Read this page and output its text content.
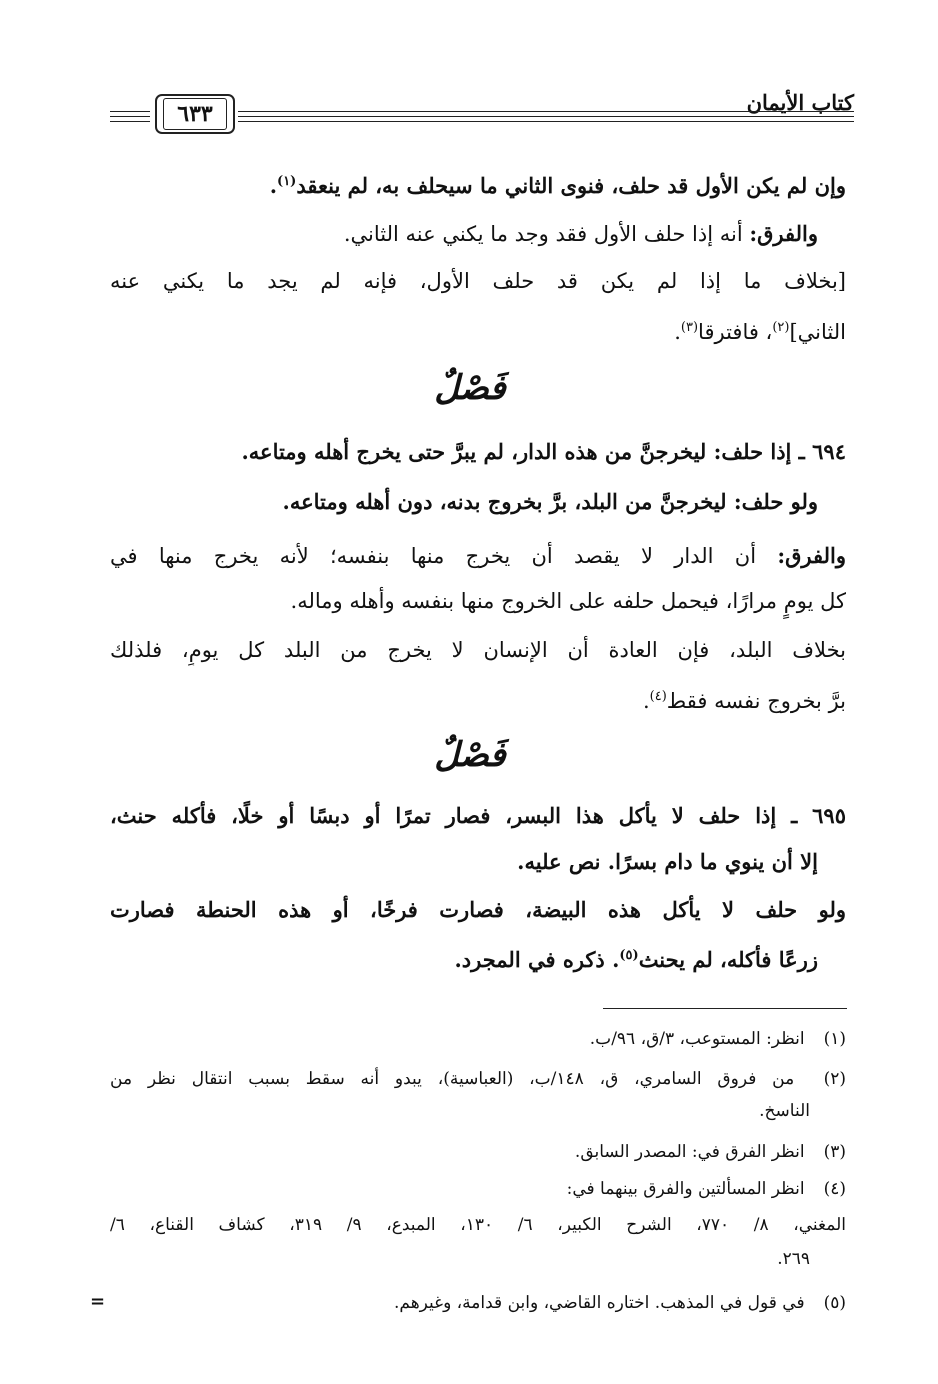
كتاب الأيمان
٦٣٣
وإن لم يكن الأول قد حلف، فنوى الثاني ما سيحلف به، لم ينعقد$^{(١)}$.
والفرق: أنه إذا حلف الأول فقد وجد ما يكني عنه الثاني.
[بخلاف ما إذا لم يكن قد حلف الأول، فإنه لم يجد ما يكني عنه
الثاني]$^{(٢)}$، فافترقا$^{(٣)}$.
فَصْلٌ
٦٩٤ ـ إذا حلف: ليخرجنَّ من هذه الدار، لم يبرَّ حتى يخرج أهله ومتاعه.
ولو حلف: ليخرجنَّ من البلد، برَّ بخروج بدنه، دون أهله ومتاعه.
والفرق: أن الدار لا يقصد أن يخرج منها بنفسه؛ لأنه يخرج منها في
كل يومٍ مرارًا، فيحمل حلفه على الخروج منها بنفسه وأهله وماله.
بخلاف البلد، فإن العادة أن الإنسان لا يخرج من البلد كل يومٍ، فلذلك
برَّ بخروج نفسه فقط$^{(٤)}$.
فَصْلٌ
٦٩٥ ـ إذا حلف لا يأكل هذا البسر، فصار تمرًا أو دبسًا أو خلًا، فأكله حنث،
إلا أن ينوي ما دام بسرًا. نص عليه.
ولو حلف لا يأكل هذه البيضة، فصارت فرخًا، أو هذه الحنطة فصارت
زرعًا فأكله، لم يحنث$^{(٥)}$. ذكره في المجرد.
(١) انظر: المستوعب، ٣/ق، ٩٦/ب.
(٢) من فروق السامري، ق، ١٤٨/ب، (العباسية)، يبدو أنه سقط بسبب انتقال نظر من
الناسخ.
(٣) انظر الفرق في: المصدر السابق.
(٤) انظر المسألتين والفرق بينهما في:
المغني، ٨/ ٧٧٠، الشرح الكبير، ٦/ ١٣٠، المبدع، ٩/ ٣١٩، كشاف القناع، ٦/
٢٦٩.
(٥) في قول في المذهب. اختاره القاضي، وابن قدامة، وغيرهم.
=
